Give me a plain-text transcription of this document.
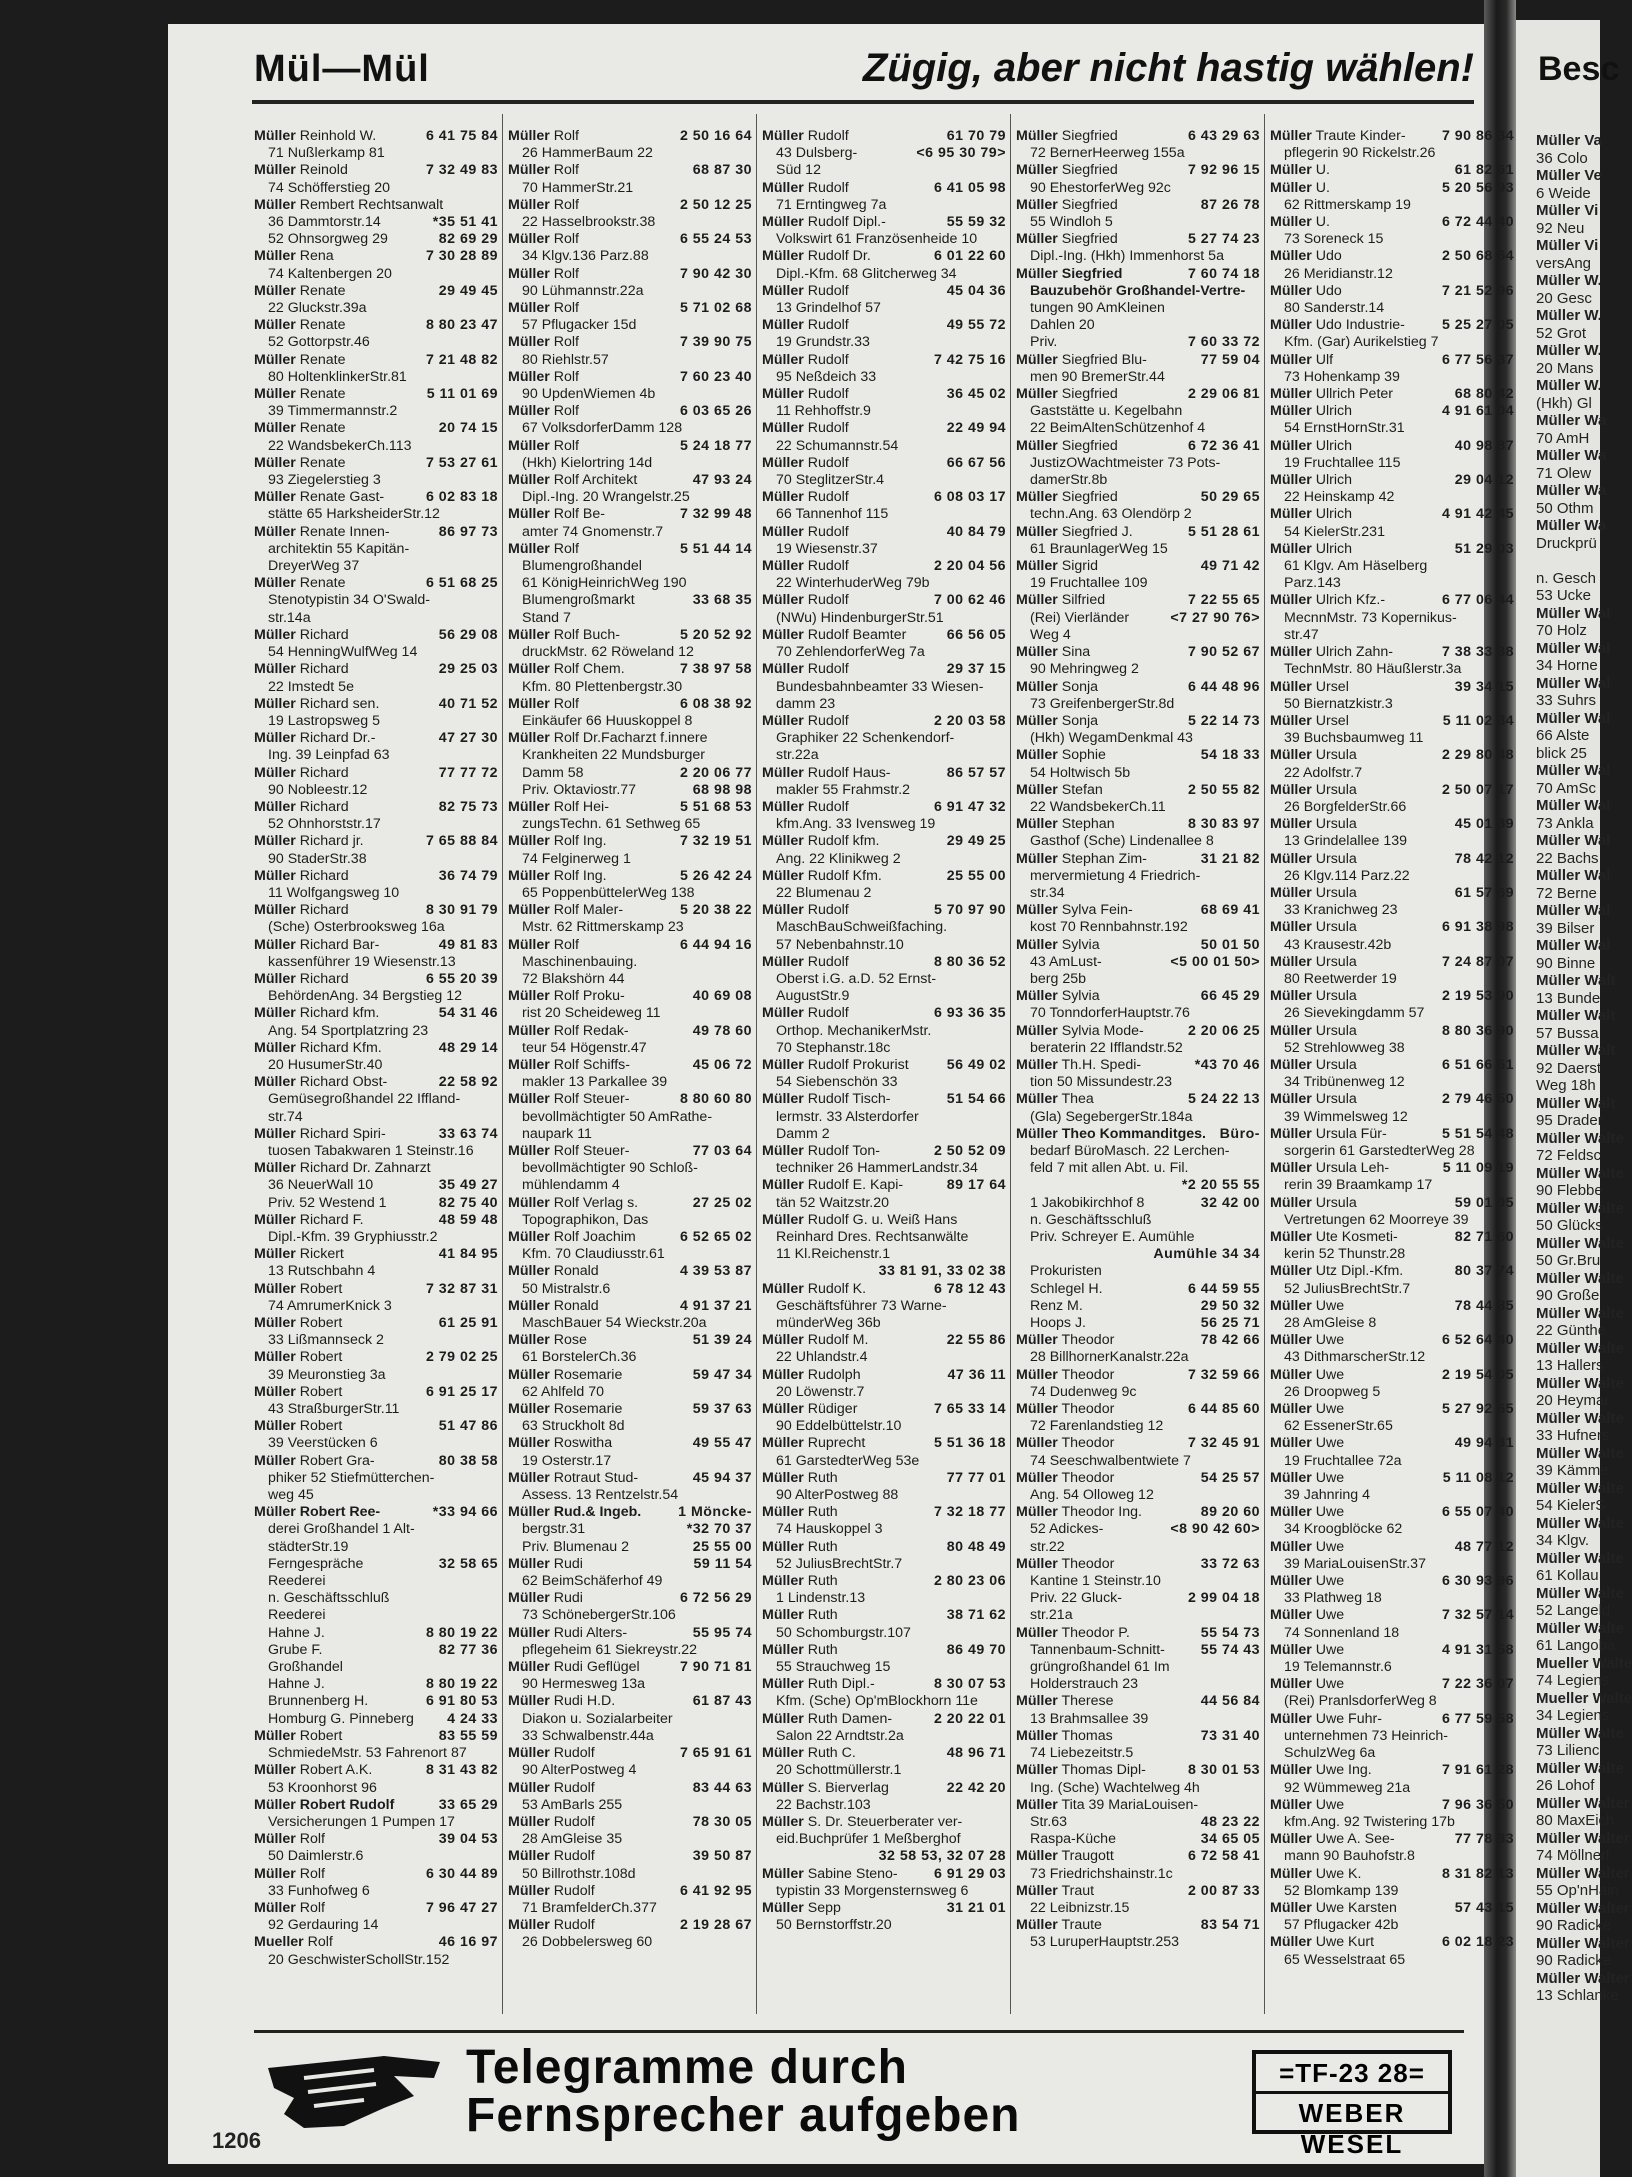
Besc
Müller Va
36 Colo
Müller Ve
6 Weide
Müller Vi
92 Neu
Müller Vi
versAng
Müller W.
20 Gesc
Müller W.
52 Grot
Müller W.
20 Mans
Müller W.
(Hkh) Gl
Müller Wa
70 AmH
Müller Wa
71 Olew
Müller Wa
50 Othm
Müller Wa
Druckprü
n. Gesch
53 Ucke
Müller Wal
70 Holz
Müller Wal
34 Horne
Müller Wal
33 Suhrs
Müller Wal
66 Alste
blick 25
Müller Wal
70 AmSc
Müller Wal
73 Ankla
Müller Wal
22 Bachs
Müller Wal
72 Berne
Müller Wal
39 Bilser
Müller Wal
90 Binne
Müller Walt
13 Bunde
Müller Walt
57 Bussa
Müller Walt
92 Daerst
Weg 18h
Müller Walt
95 Drader
Müller Walte
72 Feldsc
Müller Walte
90 Flebbe
Müller Walte
50 Glücks
Müller Walte
50 Gr.Bru
Müller Walte
90 Große
Müller Walte
22 Günthe
Müller Walte
13 Hallers
Müller Walte
20 Heymar
Müller Walte
33 Hufners
Müller Walte
39 Kämme
Müller Walte
54 KielerS
Müller Walte
34 Klgv.
Müller Walte
61 Kollau
Müller Walte
52 Langeld
Müller Walte
61 Langoba
Mueller Walte
74 Legiens
Mueller Walte
34 Legiens
Müller Walte
73 Lilienc
Müller Walte
26 Lohof
Müller Walter
80 MaxEich
Müller Walter
74 Möllnerl
Müller Walter
55 Op'nHain
Müller Walter
90 Radicke
Müller Walter
90 Radicke
Müller Walter
13 Schlanke
Mül—Mül	Zügig, aber nicht hastig wählen!
6 41 75 84
Müller Reinhold W.
71 Nußlerkamp 81
7 32 49 83
Müller Reinold
74 Schöfferstieg 20
Müller Rembert Rechtsanwalt
*35 51 41
36 Dammtorstr.14
82 69 29
52 Ohnsorgweg 29
7 30 28 89
Müller Rena
74 Kaltenbergen 20
29 49 45
Müller Renate
22 Gluckstr.39a
8 80 23 47
Müller Renate
52 Gottorpstr.46
7 21 48 82
Müller Renate
80 HoltenklinkerStr.81
5 11 01 69
Müller Renate
39 Timmermannstr.2
20 74 15
Müller Renate
22 WandsbekerCh.113
7 53 27 61
Müller Renate
93 Ziegelerstieg 3
6 02 83 18
Müller Renate Gast-
stätte 65 HarksheiderStr.12
86 97 73
Müller Renate Innen-
architektin 55 Kapitän-
DreyerWeg 37
6 51 68 25
Müller Renate
Stenotypistin 34 O'Swald-
str.14a
56 29 08
Müller Richard
54 HenningWulfWeg 14
29 25 03
Müller Richard
22 Imstedt 5e
40 71 52
Müller Richard sen.
19 Lastropsweg 5
47 27 30
Müller Richard Dr.-
Ing. 39 Leinpfad 63
77 77 72
Müller Richard
90 Nobleestr.12
82 75 73
Müller Richard
52 Ohnhorststr.17
7 65 88 84
Müller Richard jr.
90 StaderStr.38
36 74 79
Müller Richard
11 Wolfgangsweg 10
8 30 91 79
Müller Richard
(Sche) Osterbrooksweg 16a
49 81 83
Müller Richard Bar-
kassenführer 19 Wiesenstr.13
6 55 20 39
Müller Richard
BehördenAng. 34 Bergstieg 12
54 31 46
Müller Richard kfm.
Ang. 54 Sportplatzring 23
48 29 14
Müller Richard Kfm.
20 HusumerStr.40
22 58 92
Müller Richard Obst-
Gemüsegroßhandel 22 Iffland-
str.74
33 63 74
Müller Richard Spiri-
tuosen Tabakwaren 1 Steinstr.16
Müller Richard Dr. Zahnarzt
35 49 27
36 NeuerWall 10
82 75 40
Priv. 52 Westend 1
48 59 48
Müller Richard F.
Dipl.-Kfm. 39 Gryphiusstr.2
41 84 95
Müller Rickert
13 Rutschbahn 4
7 32 87 31
Müller Robert
74 AmrumerKnick 3
61 25 91
Müller Robert
33 Lißmannseck 2
2 79 02 25
Müller Robert
39 Meuronstieg 3a
6 91 25 17
Müller Robert
43 StraßburgerStr.11
51 47 86
Müller Robert
39 Veerstücken 6
80 38 58
Müller Robert Gra-
phiker 52 Stiefmütterchen-
weg 45
*33 94 66
Müller Robert Ree-
derei Großhandel 1 Alt-
städterStr.19
32 58 65
Ferngespräche
Reederei
n. Geschäftsschluß
Reederei
8 80 19 22
Hahne J.
82 77 36
Grube F.
Großhandel
8 80 19 22
Hahne J.
6 91 80 53
Brunnenberg H.
4 24 33
Homburg G. Pinneberg
83 55 59
Müller Robert
SchmiedeMstr. 53 Fahrenort 87
8 31 43 82
Müller Robert A.K.
53 Kroonhorst 96
33 65 29
Müller Robert Rudolf
Versicherungen 1 Pumpen 17
39 04 53
Müller Rolf
50 Daimlerstr.6
6 30 44 89
Müller Rolf
33 Funhofweg 6
7 96 47 27
Müller Rolf
92 Gerdauring 14
46 16 97
Mueller Rolf
20 GeschwisterSchollStr.152
2 50 16 64
Müller Rolf
26 HammerBaum 22
68 87 30
Müller Rolf
70 HammerStr.21
2 50 12 25
Müller Rolf
22 Hasselbrookstr.38
6 55 24 53
Müller Rolf
34 Klgv.136 Parz.88
7 90 42 30
Müller Rolf
90 Lühmannstr.22a
5 71 02 68
Müller Rolf
57 Pflugacker 15d
7 39 90 75
Müller Rolf
80 Riehlstr.57
7 60 23 40
Müller Rolf
90 UpdenWiemen 4b
6 03 65 26
Müller Rolf
67 VolksdorferDamm 128
5 24 18 77
Müller Rolf
(Hkh) Kielortring 14d
47 93 24
Müller Rolf Architekt
Dipl.-Ing. 20 Wrangelstr.25
7 32 99 48
Müller Rolf Be-
amter 74 Gnomenstr.7
5 51 44 14
Müller Rolf
Blumengroßhandel
61 KönigHeinrichWeg 190
33 68 35
Blumengroßmarkt
Stand 7
5 20 52 92
Müller Rolf Buch-
druckMstr. 62 Röweland 12
7 38 97 58
Müller Rolf Chem.
Kfm. 80 Plettenbergstr.30
6 08 38 92
Müller Rolf
Einkäufer 66 Huuskoppel 8
Müller Rolf Dr.Facharzt f.innere
Krankheiten 22 Mundsburger
2 20 06 77
Damm 58
68 98 98
Priv. Oktaviostr.77
5 51 68 53
Müller Rolf Hei-
zungsTechn. 61 Sethweg 65
7 32 19 51
Müller Rolf Ing.
74 Felginerweg 1
5 26 42 24
Müller Rolf Ing.
65 PoppenbüttelerWeg 138
5 20 38 22
Müller Rolf Maler-
Mstr. 62 Rittmerskamp 23
6 44 94 16
Müller Rolf
Maschinenbauing.
72 Blakshörn 44
40 69 08
Müller Rolf Proku-
rist 20 Scheideweg 11
49 78 60
Müller Rolf Redak-
teur 54 Högenstr.47
45 06 72
Müller Rolf Schiffs-
makler 13 Parkallee 39
8 80 60 80
Müller Rolf Steuer-
bevollmächtigter 50 AmRathe-
naupark 11
77 03 64
Müller Rolf Steuer-
bevollmächtigter 90 Schloß-
mühlendamm 4
27 25 02
Müller Rolf Verlag s.
Topographikon, Das
6 52 65 02
Müller Rolf Joachim
Kfm. 70 Claudiusstr.61
4 39 53 87
Müller Ronald
50 Mistralstr.6
4 91 37 21
Müller Ronald
MaschBauer 54 Wieckstr.20a
51 39 24
Müller Rose
61 BorstelerCh.36
59 47 34
Müller Rosemarie
62 Ahlfeld 70
59 37 63
Müller Rosemarie
63 Struckholt 8d
49 55 47
Müller Roswitha
19 Osterstr.17
45 94 37
Müller Rotraut Stud-
Assess. 13 Rentzelstr.54
1 Möncke-
Müller Rud.& Ingeb.
*32 70 37
bergstr.31
25 55 00
Priv. Blumenau 2
59 11 54
Müller Rudi
62 BeimSchäferhof 49
6 72 56 29
Müller Rudi
73 SchönebergerStr.106
55 95 74
Müller Rudi Alters-
pflegeheim 61 Siekreystr.22
7 90 71 81
Müller Rudi Geflügel
90 Hermesweg 13a
61 87 43
Müller Rudi H.D.
Diakon u. Sozialarbeiter
33 Schwalbenstr.44a
7 65 91 61
Müller Rudolf
90 AlterPostweg 4
83 44 63
Müller Rudolf
53 AmBarls 255
78 30 05
Müller Rudolf
28 AmGleise 35
39 50 87
Müller Rudolf
50 Billrothstr.108d
6 41 92 95
Müller Rudolf
71 BramfelderCh.377
2 19 28 67
Müller Rudolf
26 Dobbelersweg 60
61 70 79
Müller Rudolf
<6 95 30 79>
43 Dulsberg-
Süd 12
6 41 05 98
Müller Rudolf
71 Erntingweg 7a
55 59 32
Müller Rudolf Dipl.-
Volkswirt 61 Französenheide 10
6 01 22 60
Müller Rudolf Dr.
Dipl.-Kfm. 68 Glitcherweg 34
45 04 36
Müller Rudolf
13 Grindelhof 57
49 55 72
Müller Rudolf
19 Grundstr.33
7 42 75 16
Müller Rudolf
95 Neßdeich 33
36 45 02
Müller Rudolf
11 Rehhoffstr.9
22 49 94
Müller Rudolf
22 Schumannstr.54
66 67 56
Müller Rudolf
70 SteglitzerStr.4
6 08 03 17
Müller Rudolf
66 Tannenhof 115
40 84 79
Müller Rudolf
19 Wiesenstr.37
2 20 04 56
Müller Rudolf
22 WinterhuderWeg 79b
7 00 62 46
Müller Rudolf
(NWu) HindenburgerStr.51
66 56 05
Müller Rudolf Beamter
70 ZehlendorferWeg 7a
29 37 15
Müller Rudolf
Bundesbahnbeamter 33 Wiesen-
damm 23
2 20 03 58
Müller Rudolf
Graphiker 22 Schenkendorf-
str.22a
86 57 57
Müller Rudolf Haus-
makler 55 Frahmstr.2
6 91 47 32
Müller Rudolf
kfm.Ang. 33 Ivensweg 19
29 49 25
Müller Rudolf kfm.
Ang. 22 Klinikweg 2
25 55 00
Müller Rudolf Kfm.
22 Blumenau 2
5 70 97 90
Müller Rudolf
MaschBauSchweißfaching.
57 Nebenbahnstr.10
8 80 36 52
Müller Rudolf
Oberst i.G. a.D. 52 Ernst-
AugustStr.9
6 93 36 35
Müller Rudolf
Orthop. MechanikerMstr.
70 Stephanstr.18c
56 49 02
Müller Rudolf Prokurist
54 Siebenschön 33
51 54 66
Müller Rudolf Tisch-
lermstr. 33 Alsterdorfer
Damm 2
2 50 52 09
Müller Rudolf Ton-
techniker 26 HammerLandstr.34
89 17 64
Müller Rudolf E. Kapi-
tän 52 Waitzstr.20
Müller Rudolf G. u. Weiß Hans
Reinhard Dres. Rechtsanwälte
11 Kl.Reichenstr.1
33 81 91, 33 02 38
6 78 12 43
Müller Rudolf K.
Geschäftsführer 73 Warne-
münderWeg 36b
22 55 86
Müller Rudolf M.
22 Uhlandstr.4
47 36 11
Müller Rudolph
20 Löwenstr.7
7 65 33 14
Müller Rüdiger
90 Eddelbüttelstr.10
5 51 36 18
Müller Ruprecht
61 GarstedterWeg 53e
77 77 01
Müller Ruth
90 AlterPostweg 88
7 32 18 77
Müller Ruth
74 Hauskoppel 3
80 48 49
Müller Ruth
52 JuliusBrechtStr.7
2 80 23 06
Müller Ruth
1 Lindenstr.13
38 71 62
Müller Ruth
50 Schomburgstr.107
86 49 70
Müller Ruth
55 Strauchweg 15
8 30 07 53
Müller Ruth Dipl.-
Kfm. (Sche) Op'mBlockhorn 11e
2 20 22 01
Müller Ruth Damen-
Salon 22 Arndtstr.2a
48 96 71
Müller Ruth C.
20 Schottmüllerstr.1
22 42 20
Müller S. Bierverlag
22 Bachstr.103
Müller S. Dr. Steuerberater ver-
eid.Buchprüfer 1 Meßberghof
32 58 53, 32 07 28
6 91 29 03
Müller Sabine Steno-
typistin 33 Morgensternsweg 6
31 21 01
Müller Sepp
50 Bernstorffstr.20
6 43 29 63
Müller Siegfried
72 BernerHeerweg 155a
7 92 96 15
Müller Siegfried
90 EhestorferWeg 92c
87 26 78
Müller Siegfried
55 Windloh 5
5 27 74 23
Müller Siegfried
Dipl.-Ing. (Hkh) Immenhorst 5a
7 60 74 18
Müller Siegfried
Bauzubehör Großhandel-Vertre-
tungen 90 AmKleinen
Dahlen 20
7 60 33 72
Priv.
77 59 04
Müller Siegfried Blu-
men 90 BremerStr.44
2 29 06 81
Müller Siegfried
Gaststätte u. Kegelbahn
22 BeimAltenSchützenhof 4
6 72 36 41
Müller Siegfried
JustizOWachtmeister 73 Pots-
damerStr.8b
50 29 65
Müller Siegfried
techn.Ang. 63 Olendörp 2
5 51 28 61
Müller Siegfried J.
61 BraunlagerWeg 15
49 71 42
Müller Sigrid
19 Fruchtallee 109
7 22 55 65
Müller Silfried
<7 27 90 76>
(Rei) Vierländer
Weg 4
7 90 52 67
Müller Sina
90 Mehringweg 2
6 44 48 96
Müller Sonja
73 GreifenbergerStr.8d
5 22 14 73
Müller Sonja
(Hkh) WegamDenkmal 43
54 18 33
Müller Sophie
54 Holtwisch 5b
2 50 55 82
Müller Stefan
22 WandsbekerCh.11
8 30 83 97
Müller Stephan
Gasthof (Sche) Lindenallee 8
31 21 82
Müller Stephan Zim-
mervermietung 4 Friedrich-
str.34
68 69 41
Müller Sylva Fein-
kost 70 Rennbahnstr.192
50 01 50
Müller Sylvia
<5 00 01 50>
43 AmLust-
berg 25b
66 45 29
Müller Sylvia
70 TonndorferHauptstr.76
2 20 06 25
Müller Sylvia Mode-
beraterin 22 Ifflandstr.52
*43 70 46
Müller Th.H. Spedi-
tion 50 Missundestr.23
5 24 22 13
Müller Thea
(Gla) SegebergerStr.184a
Büro-
Müller Theo Kommanditges.
bedarf BüroMasch. 22 Lerchen-
feld 7 mit allen Abt. u. Fil.
*2 20 55 55
32 42 00
1 Jakobikirchhof 8
n. Geschäftsschluß
Priv. Schreyer E. Aumühle
Aumühle 34 34
Prokuristen
6 44 59 55
Schlegel H.
29 50 32
Renz M.
56 25 71
Hoops J.
78 42 66
Müller Theodor
28 BillhornerKanalstr.22a
7 32 59 66
Müller Theodor
74 Dudenweg 9c
6 44 85 60
Müller Theodor
72 Farenlandstieg 12
7 32 45 91
Müller Theodor
74 Seeschwalbentwiete 7
54 25 57
Müller Theodor
Ang. 54 Olloweg 12
89 20 60
Müller Theodor Ing.
<8 90 42 60>
52 Adickes-
str.22
33 72 63
Müller Theodor
Kantine 1 Steinstr.10
2 99 04 18
Priv. 22 Gluck-
str.21a
55 54 73
Müller Theodor P.
55 74 43
Tannenbaum-Schnitt-
grüngroßhandel 61 Im
Holderstrauch 23
44 56 84
Müller Therese
13 Brahmsallee 39
73 31 40
Müller Thomas
74 Liebezeitstr.5
8 30 01 53
Müller Thomas Dipl-
Ing. (Sche) Wachtelweg 4h
Müller Tita 39 MariaLouisen-
48 23 22
Str.63
34 65 05
Raspa-Küche
6 72 58 41
Müller Traugott
73 Friedrichshainstr.1c
2 00 87 33
Müller Traut
22 Leibnizstr.15
83 54 71
Müller Traute
53 LuruperHauptstr.253
7 90 86 34
Müller Traute Kinder-
pflegerin 90 Rickelstr.26
61 82 61
Müller U.
5 20 56 93
Müller U.
62 Rittmerskamp 19
6 72 44 40
Müller U.
73 Soreneck 15
2 50 68 64
Müller Udo
26 Meridianstr.12
7 21 52 96
Müller Udo
80 Sanderstr.14
5 25 27 05
Müller Udo Industrie-
Kfm. (Gar) Aurikelstieg 7
6 77 56 37
Müller Ulf
73 Hohenkamp 39
68 80 42
Müller Ullrich Peter
4 91 61 04
Müller Ulrich
54 ErnstHornStr.31
40 98 87
Müller Ulrich
19 Fruchtallee 115
29 04 12
Müller Ulrich
22 Heinskamp 42
4 91 42 45
Müller Ulrich
54 KielerStr.231
51 29 03
Müller Ulrich
61 Klgv. Am Häselberg
Parz.143
6 77 06 44
Müller Ulrich Kfz.-
MecnnMstr. 73 Kopernikus-
str.47
7 38 33 38
Müller Ulrich Zahn-
TechnMstr. 80 Häußlerstr.3a
39 34 15
Müller Ursel
50 Biernatzkistr.3
5 11 02 84
Müller Ursel
39 Buchsbaumweg 11
2 29 80 48
Müller Ursula
22 Adolfstr.7
2 50 07 17
Müller Ursula
26 BorgfelderStr.66
45 01 89
Müller Ursula
13 Grindelallee 139
78 42 12
Müller Ursula
26 Klgv.114 Parz.22
61 57 69
Müller Ursula
33 Kranichweg 23
6 91 38 98
Müller Ursula
43 Krausestr.42b
7 24 87 07
Müller Ursula
80 Reetwerder 19
2 19 53 90
Müller Ursula
26 Sievekingdamm 57
8 80 36 90
Müller Ursula
52 Strehlowweg 38
6 51 66 51
Müller Ursula
34 Tribünenweg 12
2 79 46 50
Müller Ursula
39 Wimmelsweg 12
5 51 54 48
Müller Ursula Für-
sorgerin 61 GarstedterWeg 28
5 11 09 19
Müller Ursula Leh-
rerin 39 Braamkamp 17
59 01 05
Müller Ursula
Vertretungen 62 Moorreye 39
82 71 60
Müller Ute Kosmeti-
kerin 52 Thunstr.28
80 37 74
Müller Utz Dipl.-Kfm.
52 JuliusBrechtStr.7
78 44 85
Müller Uwe
28 AmGleise 8
6 52 64 40
Müller Uwe
43 DithmarscherStr.12
2 19 54 05
Müller Uwe
26 Droopweg 5
5 27 92 65
Müller Uwe
62 EssenerStr.65
49 94 31
Müller Uwe
19 Fruchtallee 72a
5 11 08 12
Müller Uwe
39 Jahnring 4
6 55 07 40
Müller Uwe
34 Kroogblöcke 62
48 77 12
Müller Uwe
39 MariaLouisenStr.37
6 30 93 96
Müller Uwe
33 Plathweg 18
7 32 57 14
Müller Uwe
74 Sonnenland 18
4 91 31 58
Müller Uwe
19 Telemannstr.6
7 22 36 07
Müller Uwe
(Rei) PranlsdorferWeg 8
6 77 59 58
Müller Uwe Fuhr-
unternehmen 73 Heinrich-
SchulzWeg 6a
7 91 61 28
Müller Uwe Ing.
92 Wümmeweg 21a
7 96 36 50
Müller Uwe
kfm.Ang. 92 Twistering 17b
77 78 83
Müller Uwe A. See-
mann 90 Bauhofstr.8
8 31 82 13
Müller Uwe K.
52 Blomkamp 139
57 43 15
Müller Uwe Karsten
57 Pflugacker 42b
6 02 18 23
Müller Uwe Kurt
65 Wesselstraat 65
Telegramme durch
Fernsprecher aufgeben
=TF-23 28=
WEBER WESEL
1206
